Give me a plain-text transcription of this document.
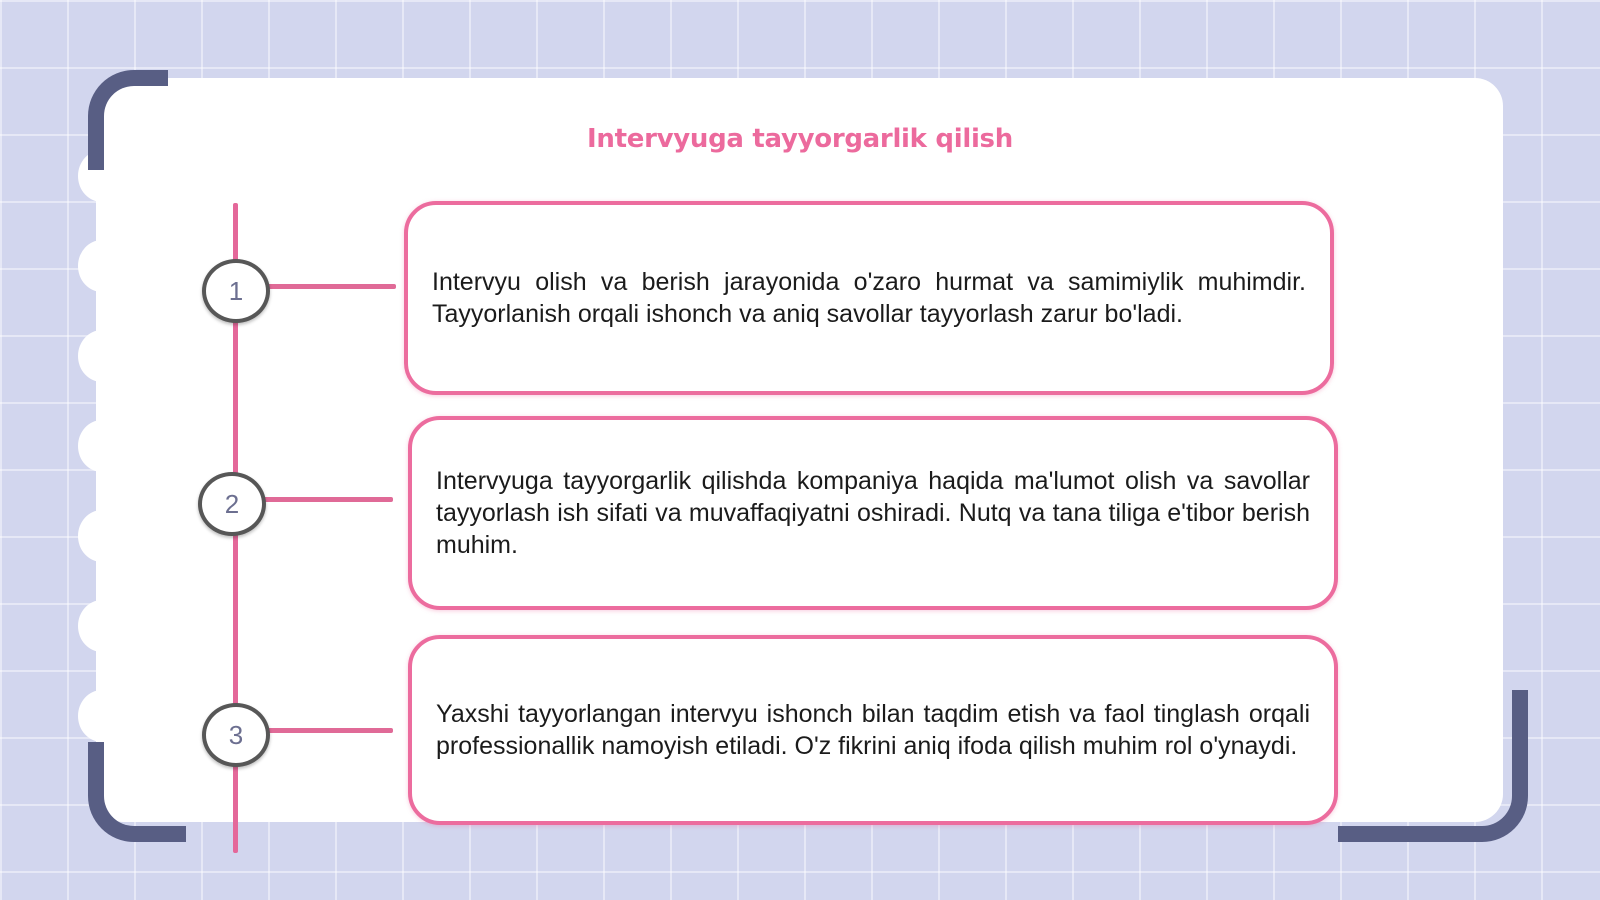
Intervyuga tayyorgarlik qilish
1
2
3
Intervyu olish va berish jarayonida o'zaro hurmat va samimiylik muhimdir. Tayyorlanish orqali ishonch va aniq savollar tayyorlash zarur bo'ladi.
Intervyuga tayyorgarlik qilishda kompaniya haqida ma'lumot olish va savollar tayyorlash ish sifati va muvaffaqiyatni oshiradi. Nutq va tana tiliga e'tibor berish muhim.
Yaxshi tayyorlangan intervyu ishonch bilan taqdim etish va faol tinglash orqali professionallik namoyish etiladi. O'z fikrini aniq ifoda qilish muhim rol o'ynaydi.
